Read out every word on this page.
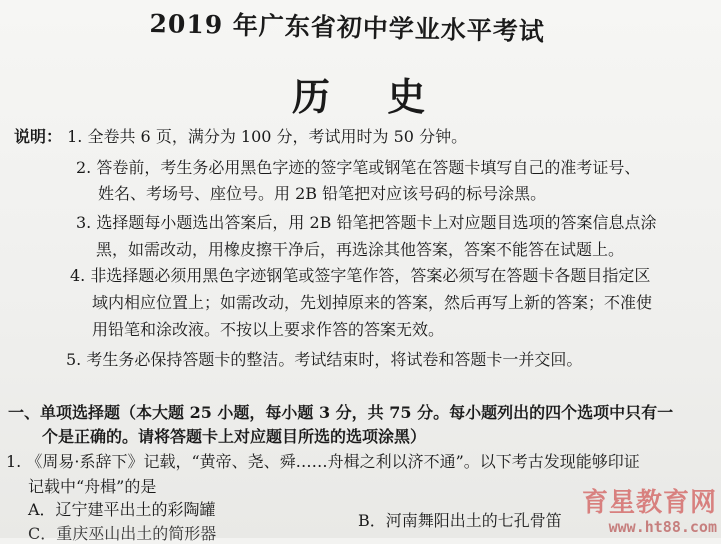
2019 年广东省初中学业水平考试
历 史
说明： 1. 全卷共 6 页，满分为 100 分，考试用时为 50 分钟。
2. 答卷前，考生务必用黑色字迹的签字笔或钢笔在答题卡填写自己的准考证号、
姓名、考场号、座位号。用 2B 铅笔把对应该号码的标号涂黑。
3. 选择题每小题选出答案后，用 2B 铅笔把答题卡上对应题目选项的答案信息点涂
黑，如需改动，用橡皮擦干净后，再选涂其他答案，答案不能答在试题上。
4. 非选择题必须用黑色字迹钢笔或签字笔作答，答案必须写在答题卡各题目指定区
域内相应位置上；如需改动，先划掉原来的答案，然后再写上新的答案；不准使
用铅笔和涂改液。不按以上要求作答的答案无效。
5. 考生务必保持答题卡的整洁。考试结束时，将试卷和答题卡一并交回。
一、单项选择题（本大题 25 小题，每小题 3 分，共 75 分。每小题列出的四个选项中只有一
个是正确的。请将答题卡上对应题目所选的选项涂黑）
1. 《周易·系辞下》记载，“黄帝、尧、舜……舟楫之利以济不通”。以下考古发现能够印证
记载中“舟楫”的是
A．辽宁建平出土的彩陶罐
B．河南舞阳出土的七孔骨笛
C．重庆巫山出土的简形器
育星教育网
www.ht88.com
